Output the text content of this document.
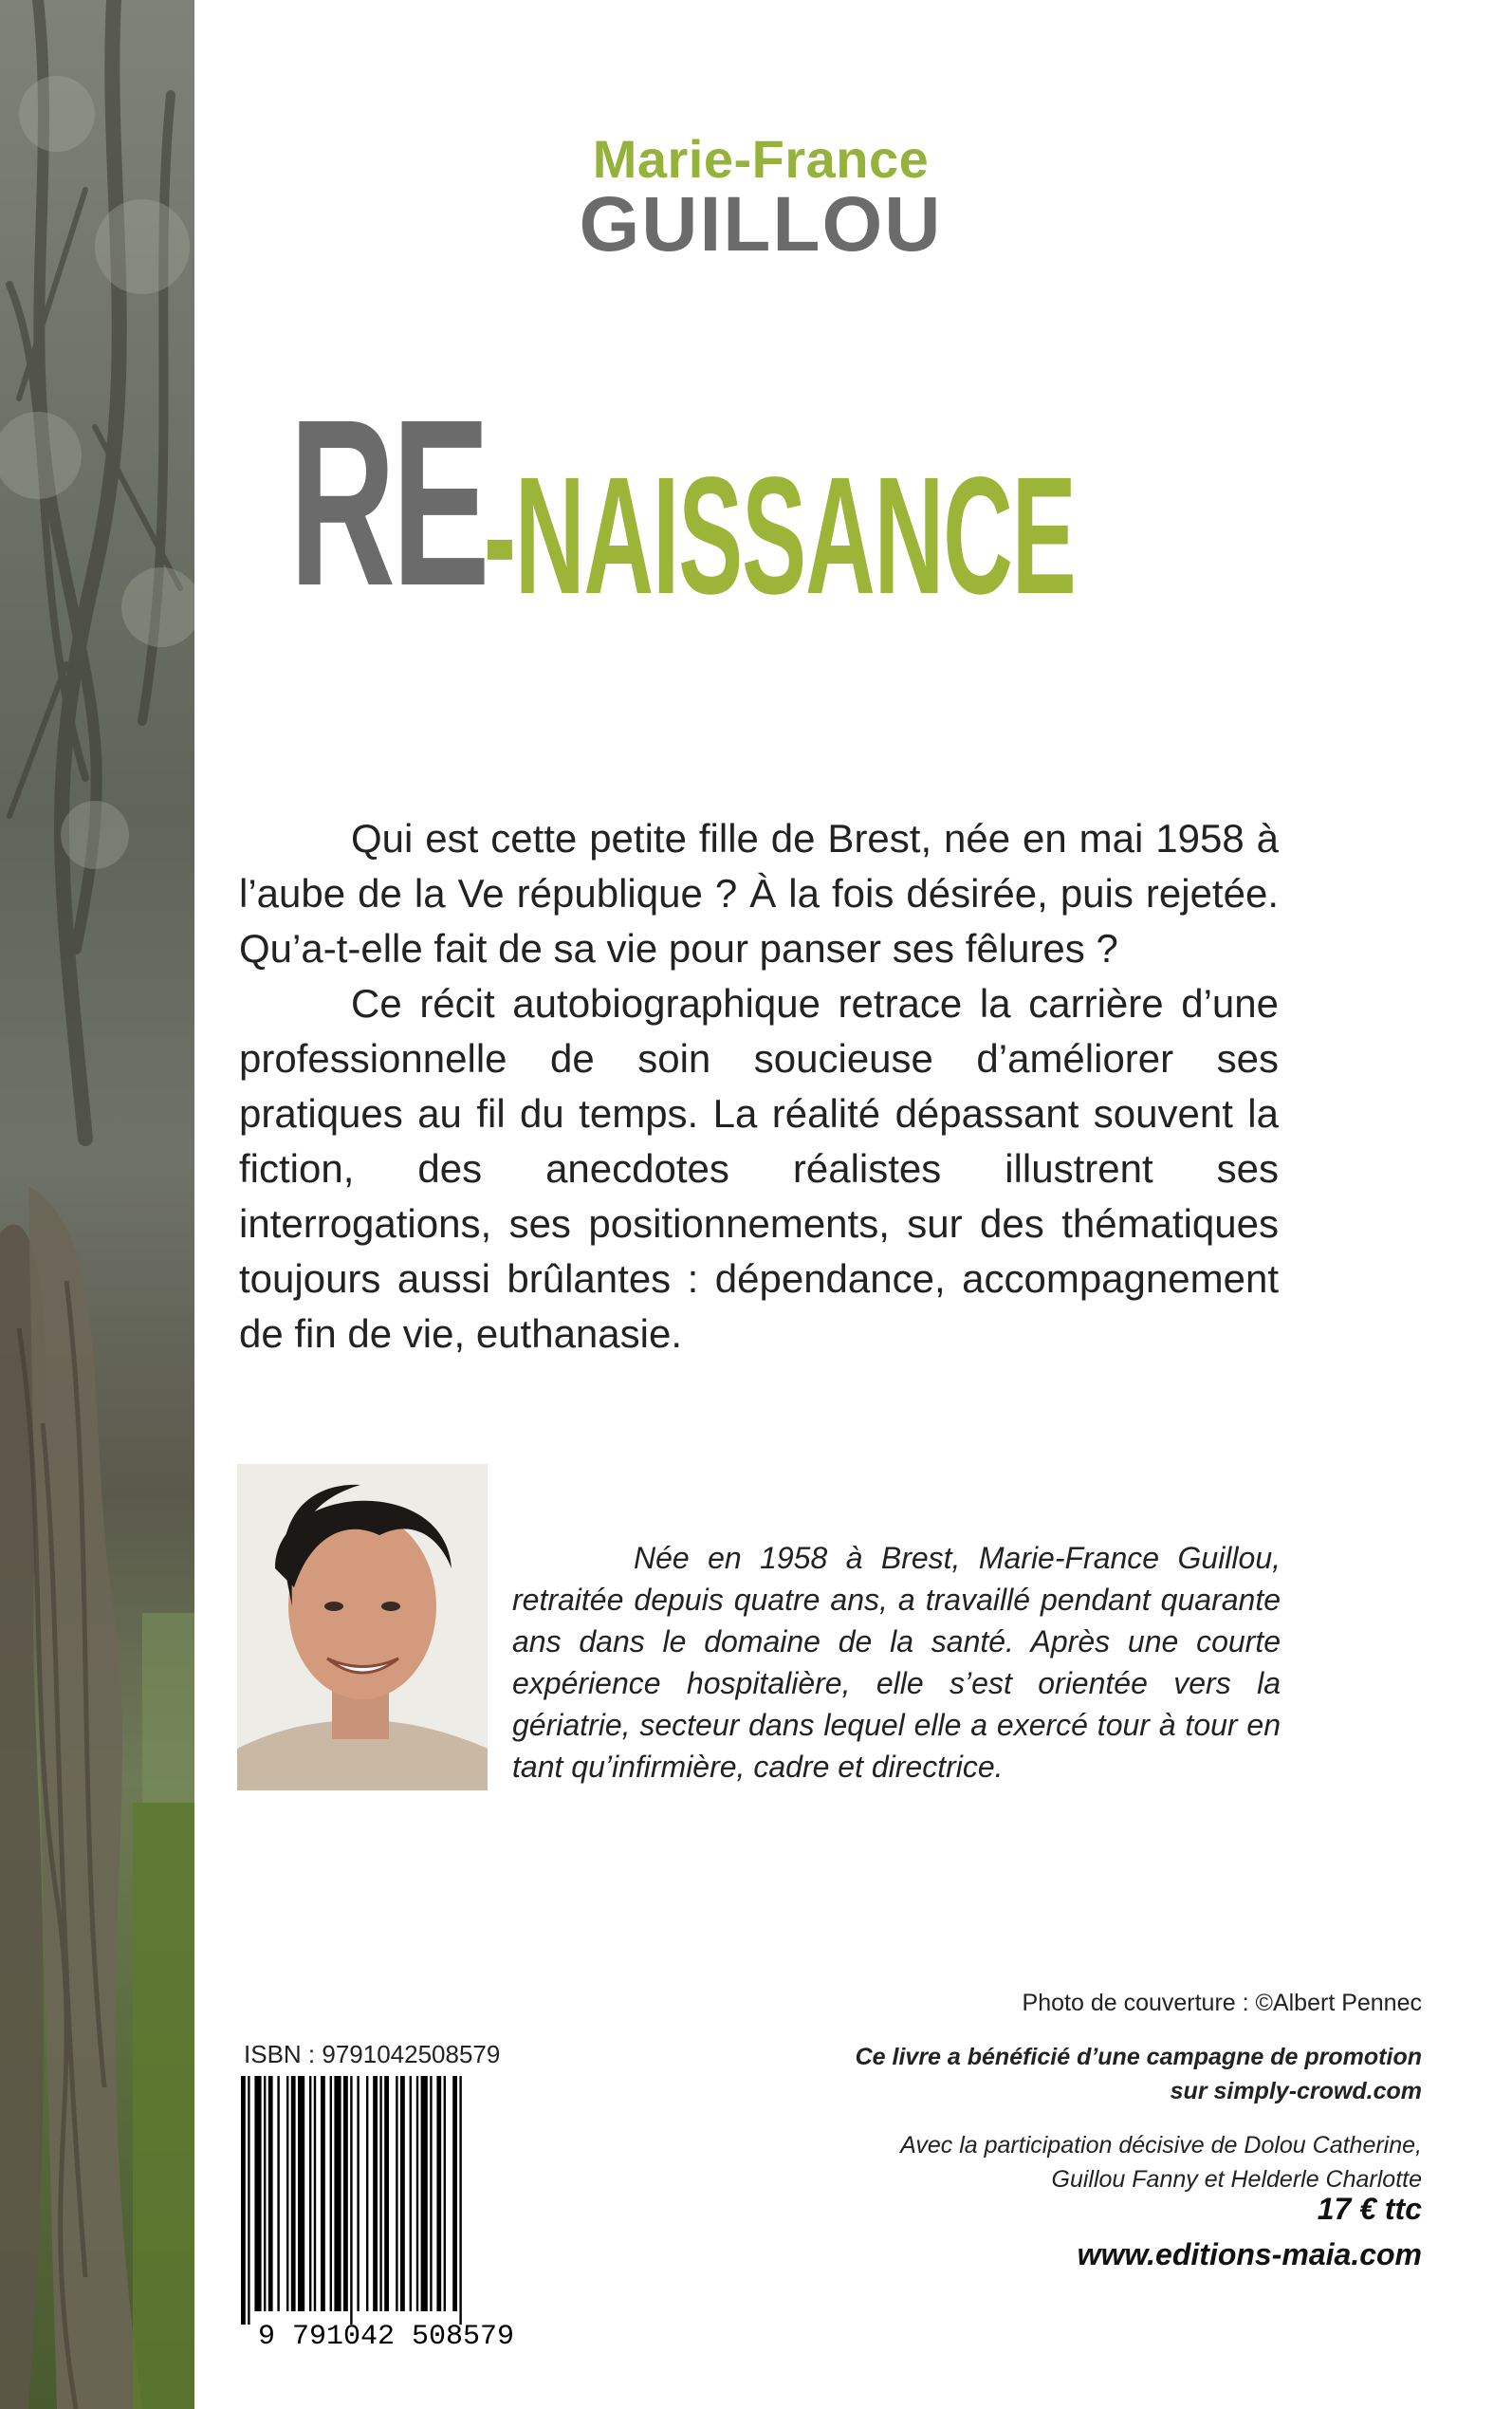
Marie-France
GUILLOU
RE
-NAISSANCE

Qui est cette petite fille de Brest, née en mai 1958 à l’aube de la Ve république ? À la fois désirée, puis rejetée. Qu’a-t-elle fait de sa vie pour panser ses fêlures ?

Ce récit autobiographique retrace la carrière d’une professionnelle de soin soucieuse d’améliorer ses pratiques au fil du temps. La réalité dépassant souvent la fiction, des anecdotes réalistes illustrent ses interrogations, ses positionnements, sur des thématiques toujours aussi brûlantes : dépendance, accompagnement de fin de vie, euthanasie.

Née en 1958 à Brest, Marie-France Guillou, retraitée depuis quatre ans, a travaillé pendant quarante ans dans le domaine de la santé. Après une courte expérience hospitalière, elle s’est orientée vers la gériatrie, secteur dans lequel elle a exercé tour à tour en tant qu’infirmière, cadre et directrice.

Photo de couverture : ©Albert Pennec
ISBN : 9791042508579
9 791042 508579
Ce livre a bénéficié d’une campagne de promotion
sur simply-crowd.com
Avec la participation décisive de Dolou Catherine,
Guillou Fanny et Helderle Charlotte
17 € ttc
www.editions-maia.com
